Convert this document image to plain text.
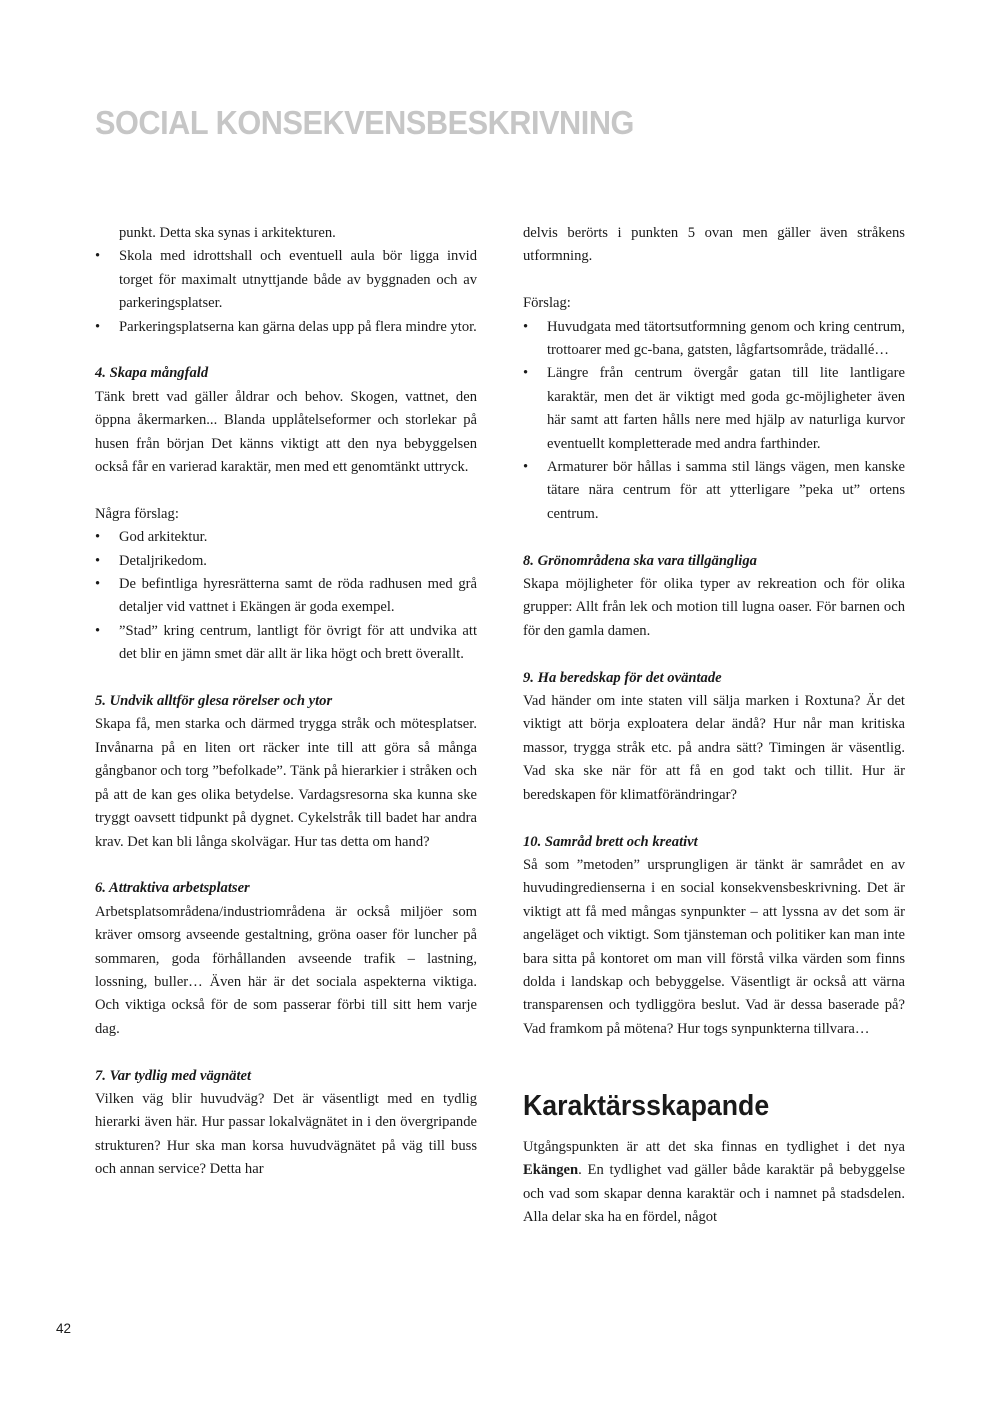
SOCIAL KONSEKVENSBESKRIVNING
punkt. Detta ska synas i arkitekturen.
• Skola med idrottshall och eventuell aula bör ligga invid torget för maximalt utnyttjande både av byggnaden och av parkeringsplatser.
• Parkeringsplatserna kan gärna delas upp på flera mindre ytor.

4. Skapa mångfald

Tänk brett vad gäller åldrar och behov. Skogen, vattnet, den öppna åkermarken... Blanda upplåtelseformer och storlekar på husen från början Det känns viktigt att den nya bebyggelsen också får en varierad karaktär, men med ett genomtänkt uttryck.

Några förslag:

• God arkitektur.
• Detaljrikedom.
• De befintliga hyresrätterna samt de röda radhusen med grå detaljer vid vattnet i Ekängen är goda exempel.
• ”Stad” kring centrum, lantligt för övrigt för att undvika att det blir en jämn smet där allt är lika högt och brett överallt.

5. Undvik alltför glesa rörelser och ytor

Skapa få, men starka och därmed trygga stråk och mötesplatser. Invånarna på en liten ort räcker inte till att göra så många gångbanor och torg ”befolkade”. Tänk på hierarkier i stråken och på att de kan ges olika betydelse. Vardagsresorna ska kunna ske tryggt oavsett tidpunkt på dygnet. Cykelstråk till badet har andra krav. Det kan bli långa skolvägar. Hur tas detta om hand?

6. Attraktiva arbetsplatser

Arbetsplatsområdena/industriområdena är också miljöer som kräver omsorg avseende gestaltning, gröna oaser för luncher på sommaren, goda förhållanden avseende trafik – lastning, lossning, buller… Även här är det sociala aspekterna viktiga. Och viktiga också för de som passerar förbi till sitt hem varje dag.

7. Var tydlig med vägnätet

Vilken väg blir huvudväg? Det är väsentligt med en tydlig hierarki även här. Hur passar lokalvägnätet in i den övergripande strukturen? Hur ska man korsa huvudvägnätet på väg till buss och annan service? Detta har

delvis berörts i punkten 5 ovan men gäller även stråkens utformning.

Förslag:

• Huvudgata med tätortsutformning genom och kring centrum, trottoarer med gc-bana, gatsten, lågfartsområde, trädallé…
• Längre från centrum övergår gatan till lite lantligare karaktär, men det är viktigt med goda gc-möjligheter även här samt att farten hålls nere med hjälp av naturliga kurvor eventuellt kompletterade med andra farthinder.
• Armaturer bör hållas i samma stil längs vägen, men kanske tätare nära centrum för att ytterligare ”peka ut” ortens centrum.

8. Grönområdena ska vara tillgängliga

Skapa möjligheter för olika typer av rekreation och för olika grupper: Allt från lek och motion till lugna oaser. För barnen och för den gamla damen.

9. Ha beredskap för det oväntade

Vad händer om inte staten vill sälja marken i Roxtuna? Är det viktigt att börja exploatera delar ändå? Hur når man kritiska massor, trygga stråk etc. på andra sätt? Timingen är väsentlig. Vad ska ske när för att få en god takt och tillit. Hur är beredskapen för klimatförändringar?

10. Samråd brett och kreativt

Så som ”metoden” ursprungligen är tänkt är samrådet en av huvudingredienserna i en social konsekvensbeskrivning. Det är viktigt att få med mångas synpunkter – att lyssna av det som är angeläget och viktigt. Som tjänsteman och politiker kan man inte bara sitta på kontoret om man vill förstå vilka värden som finns dolda i landskap och bebyggelse. Väsentligt är också att värna transparensen och tydliggöra beslut. Vad är dessa baserade på? Vad framkom på mötena? Hur togs synpunkterna tillvara…

Karaktärsskapande

Utgångspunkten är att det ska finnas en tydlighet i det nya Ekängen. En tydlighet vad gäller både karaktär på bebyggelse och vad som skapar denna karaktär och i namnet på stadsdelen. Alla delar ska ha en fördel, något

42
